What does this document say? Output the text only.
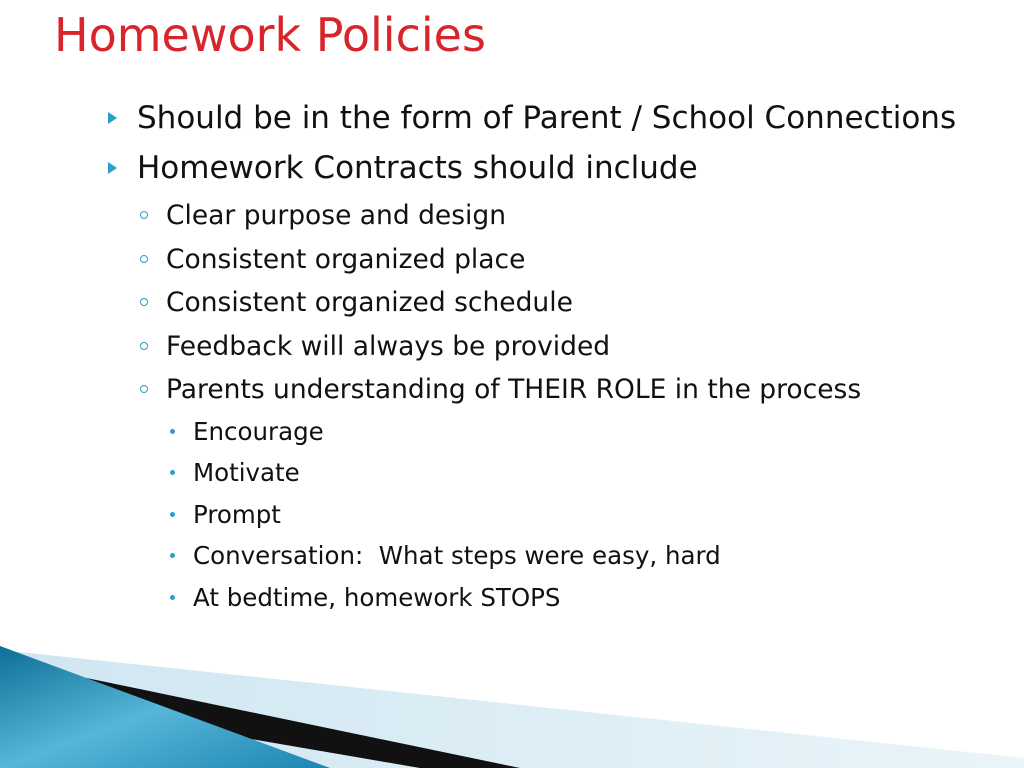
Homework Policies

Should be in the form of Parent / School Connections

Homework Contracts should include

Clear purpose and design

Consistent organized place

Consistent organized schedule

Feedback will always be provided

Parents understanding of THEIR ROLE in the process

Encourage

Motivate

Prompt

Conversation:  What steps were easy, hard

At bedtime, homework STOPS
